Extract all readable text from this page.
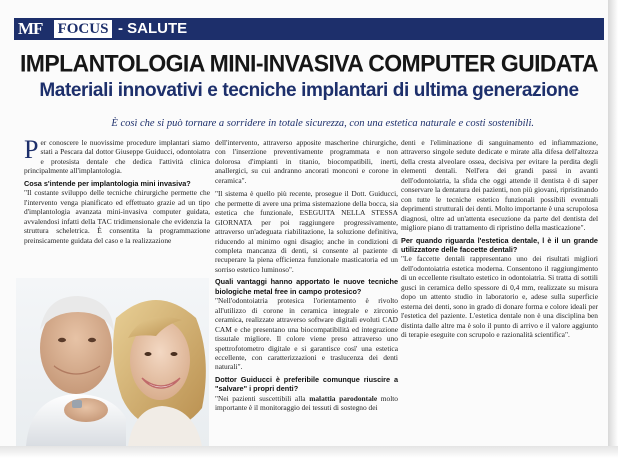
MF	FOCUS - SALUTE
IMPLANTOLOGIA MINI-INVASIVA COMPUTER GUIDATA
Materiali innovativi e tecniche implantari di ultima generazione
È così che si può tornare a sorridere in totale sicurezza, con una estetica naturale e costi sostenibili.

Per conoscere le nuovissime procedure implantari siamo stati a Pescara dal dottor Giuseppe Guiducci, odontoiatra e protesista dentale che dedica l'attività clinica principalmente all'implantologia.

Cosa s'intende per implantologia mini invasiva?

"Il costante sviluppo delle tecniche chirurgiche permette che l'intervento venga pianificato ed effettuato grazie ad un tipo d'implantologia avanzata mini-invasiva computer guidata, avvalendosi infatti della TAC tridimensionale che evidenzia la struttura scheletrica. È consentita la programmazione preinsicamente guidata del caso e la realizzazione

dell'intervento, attraverso apposite mascherine chirurgiche, con l'inserzione preventivamente programmata e non dolorosa d'impianti in titanio, biocompatibili, inerti, anallergici, su cui andranno ancorati monconi e corone in ceramica".

"Il sistema è quello più recente, prosegue il Dott. Guiducci, che permette di avere una prima sistemazione della bocca, sia estetica che funzionale, ESEGUITA NELLA STESSA GIORNATA per poi raggiungere progressivamente, attraverso un'adeguata riabilitazione, la soluzione definitiva, riducendo al minimo ogni disagio; anche in condizioni di completa mancanza di denti, si consente al paziente di recuperare la piena efficienza funzionale masticatoria ed un sorriso estetico luminoso".

Quali vantaggi hanno apportato le nuove tecniche biologiche metal free in campo protesico?

"Nell'odontoiatria protesica l'orientamento è rivolto all'utilizzo di corone in ceramica integrale e zirconio ceramica, realizzate attraverso software digitali evoluti CAD CAM e che presentano una biocompatibilità ed integrazione tissutale migliore. Il colore viene preso attraverso uno spettrofotometro digitale e si garantisce così' una estetica eccellente, con caratterizzazioni e traslucenza dei denti naturali".

Dottor Guiducci è preferibile comunque riuscire a "salvare" i propri denti?

"Nei pazienti suscettibili alla malattia parodontale molto importante è il monitoraggio dei tessuti di sostegno dei

denti e l'eliminazione di sanguinamento ed infiammazione, attraverso singole sedute dedicate e mirate alla difesa dell'altezza della cresta alveolare ossea, decisiva per evitare la perdita degli elementi dentali. Nell'era dei grandi passi in avanti dell'odontoiatria, la sfida che oggi attende il dentista è di saper conservare la dentatura dei pazienti, non più giovani, ripristinando con tutte le tecniche estetico funzionali possibili eventuali deprimenti strutturali dei denti. Molto importante è una scrupolosa diagnosi, oltre ad un'attenta esecuzione da parte del dentista del migliore piano di trattamento di ripristino della masticazione".

Per quando riguarda l'estetica dentale, l è il un grande utilizzatore delle faccette dentali?

"Le faccette dentali rappresentano uno dei risultati migliori dell'odontoiatria estetica moderna. Consentono il raggiungimento di un eccellente risultato estetico in odontoiatria. Si tratta di sottili gusci in ceramica dello spessore di 0,4 mm, realizzate su misura dopo un attento studio in laboratorio e, adese sulla superficie esterna dei denti, sono in grado di donare forma e colore ideali per l'estetica del paziente. L'estetica dentale non è una disciplina ben distinta dalle altre ma è solo il punto di arrivo e il valore aggiunto di terapie eseguite con scrupolo e razionalità scientifica".
